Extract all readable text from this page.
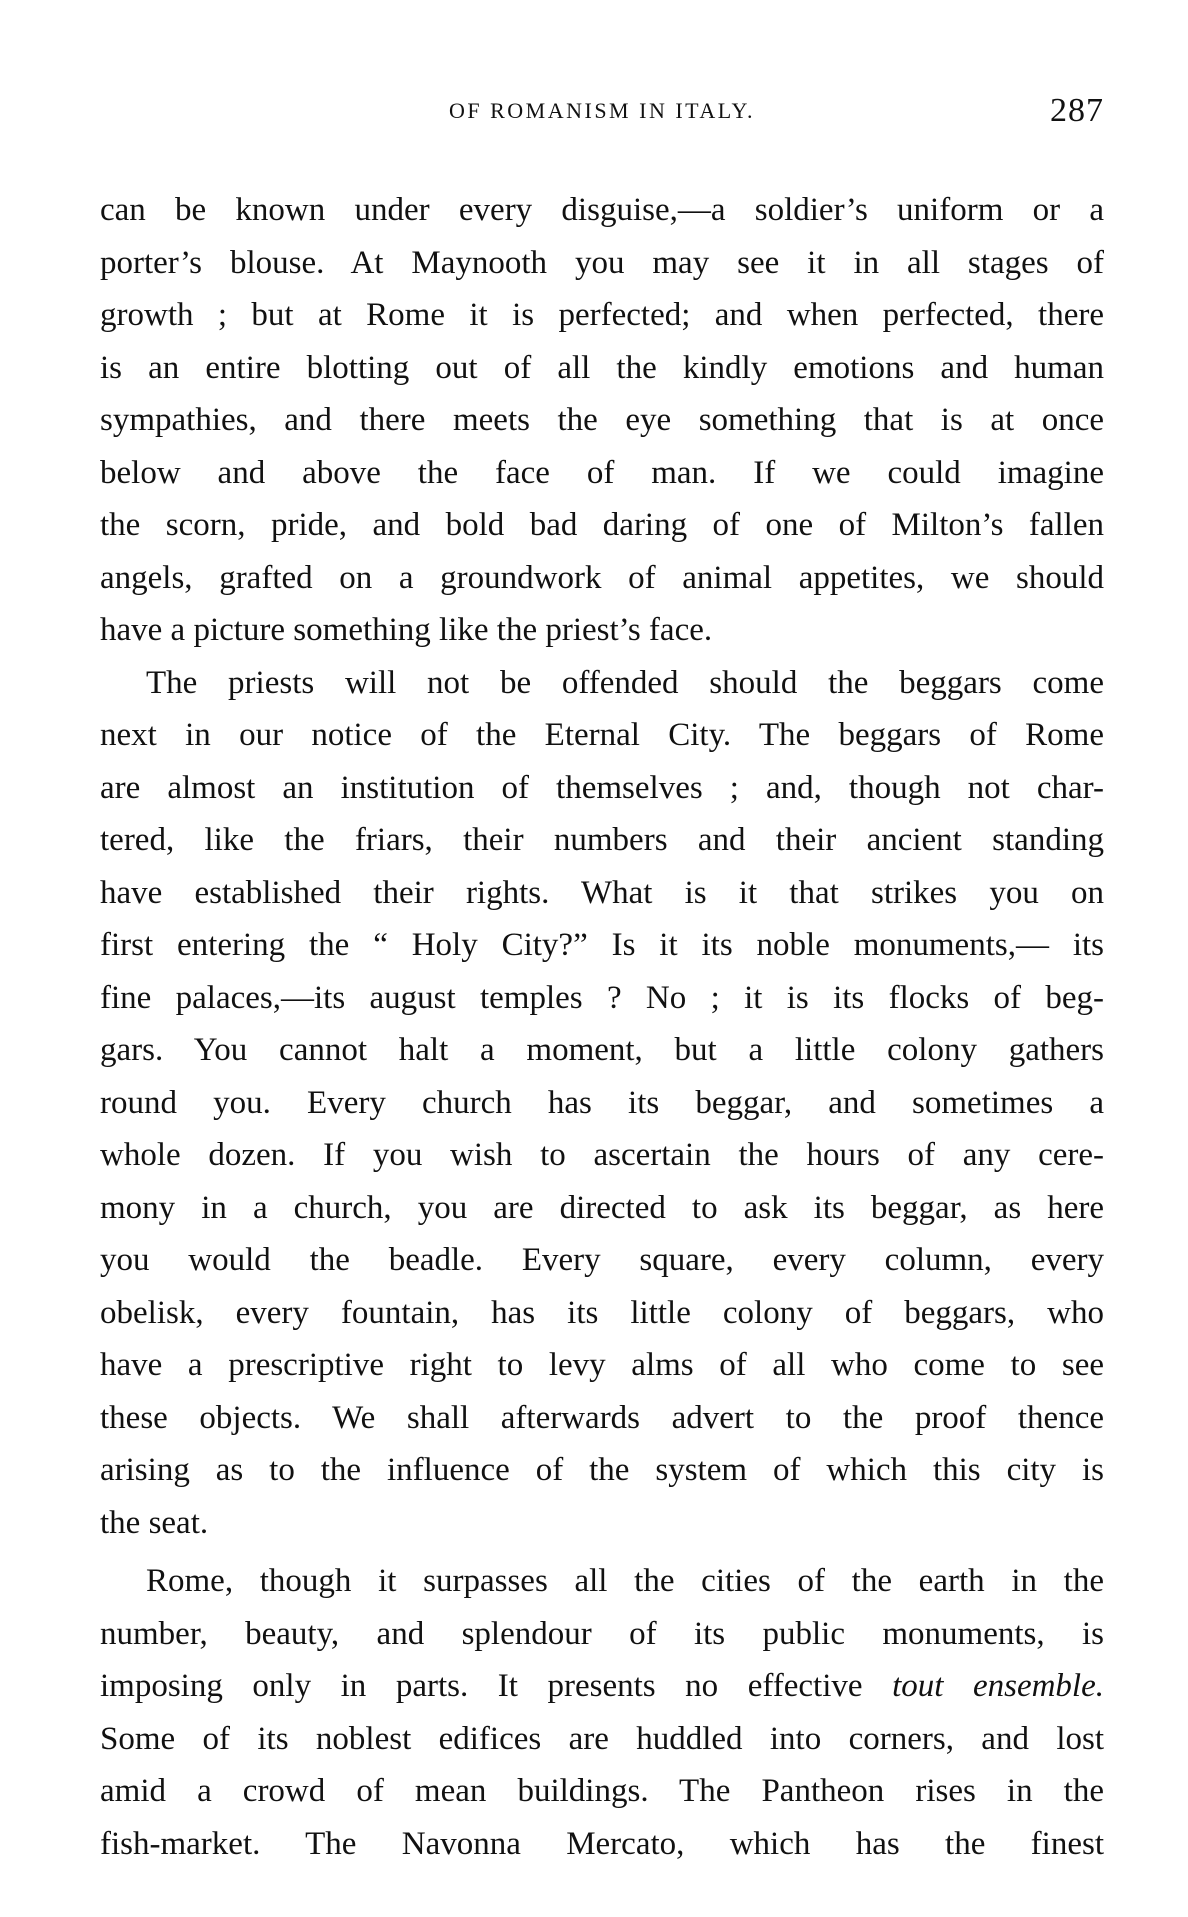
OF ROMANISM IN ITALY.	287
can be known under every disguise,—a soldier’s uniform or a
porter’s blouse. At Maynooth you may see it in all stages of
growth ; but at Rome it is perfected; and when perfected, there
is an entire blotting out of all the kindly emotions and human
sympathies, and there meets the eye something that is at once
below and above the face of man. If we could imagine
the scorn, pride, and bold bad daring of one of Milton’s fallen
angels, grafted on a groundwork of animal appetites, we should
have a picture something like the priest’s face.
The priests will not be offended should the beggars come
next in our notice of the Eternal City. The beggars of Rome
are almost an institution of themselves ; and, though not char-
tered, like the friars, their numbers and their ancient standing
have established their rights. What is it that strikes you on
first entering the “ Holy City?” Is it its noble monuments,— its
fine palaces,—its august temples ? No ; it is its flocks of beg-
gars. You cannot halt a moment, but a little colony gathers
round you. Every church has its beggar, and sometimes a
whole dozen. If you wish to ascertain the hours of any cere-
mony in a church, you are directed to ask its beggar, as here
you would the beadle. Every square, every column, every
obelisk, every fountain, has its little colony of beggars, who
have a prescriptive right to levy alms of all who come to see
these objects. We shall afterwards advert to the proof thence
arising as to the influence of the system of which this city is
the seat.
Rome, though it surpasses all the cities of the earth in the
number, beauty, and splendour of its public monuments, is
imposing only in parts. It presents no effective tout ensemble.
Some of its noblest edifices are huddled into corners, and lost
amid a crowd of mean buildings. The Pantheon rises in the
fish-market. The Navonna Mercato, which has the finest
